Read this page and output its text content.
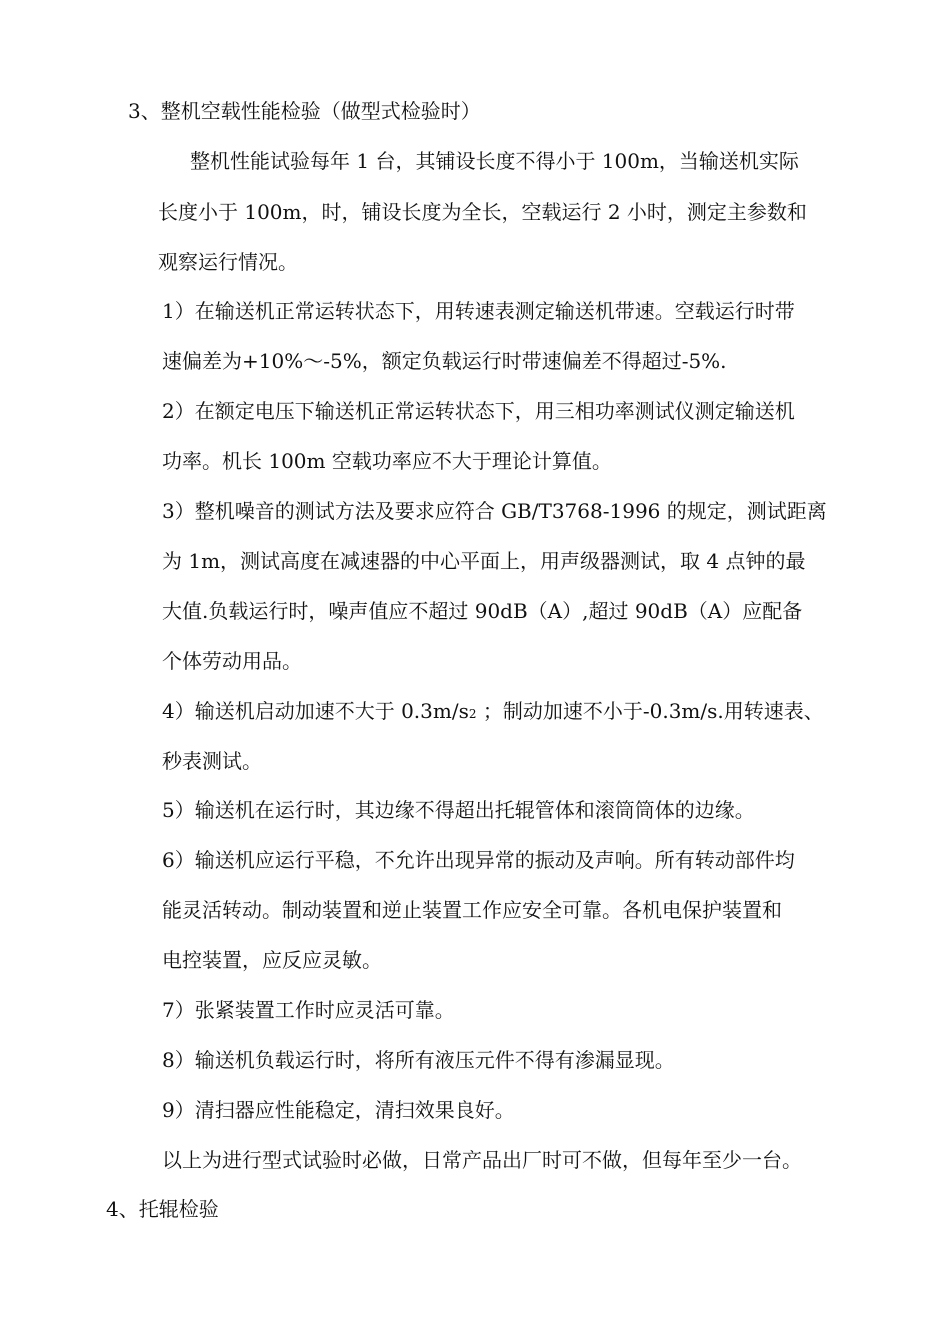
3、整机空载性能检验（做型式检验时）
整机性能试验每年 1 台，其铺设长度不得小于 100m，当输送机实际
长度小于 100m，时，铺设长度为全长，空载运行 2 小时，测定主参数和
观察运行情况。
1）在输送机正常运转状态下，用转速表测定输送机带速。空载运行时带
速偏差为+10%～-5%，额定负载运行时带速偏差不得超过-5%.
2）在额定电压下输送机正常运转状态下，用三相功率测试仪测定输送机
功率。机长 100m 空载功率应不大于理论计算值。
3）整机噪音的测试方法及要求应符合 GB/T3768-1996 的规定，测试距离
为 1m，测试高度在减速器的中心平面上，用声级器测试，取 4 点钟的最
大值.负载运行时，噪声值应不超过 90dB（A）,超过 90dB（A）应配备
个体劳动用品。
4）输送机启动加速不大于 0.3m/s2 ；制动加速不小于-0.3m/s.用转速表、
秒表测试。
5）输送机在运行时，其边缘不得超出托辊管体和滚筒筒体的边缘。
6）输送机应运行平稳，不允许出现异常的振动及声响。所有转动部件均
能灵活转动。制动装置和逆止装置工作应安全可靠。各机电保护装置和
电控装置，应反应灵敏。
7）张紧装置工作时应灵活可靠。
8）输送机负载运行时，将所有液压元件不得有渗漏显现。
9）清扫器应性能稳定，清扫效果良好。
以上为进行型式试验时必做，日常产品出厂时可不做，但每年至少一台。
4、托辊检验
